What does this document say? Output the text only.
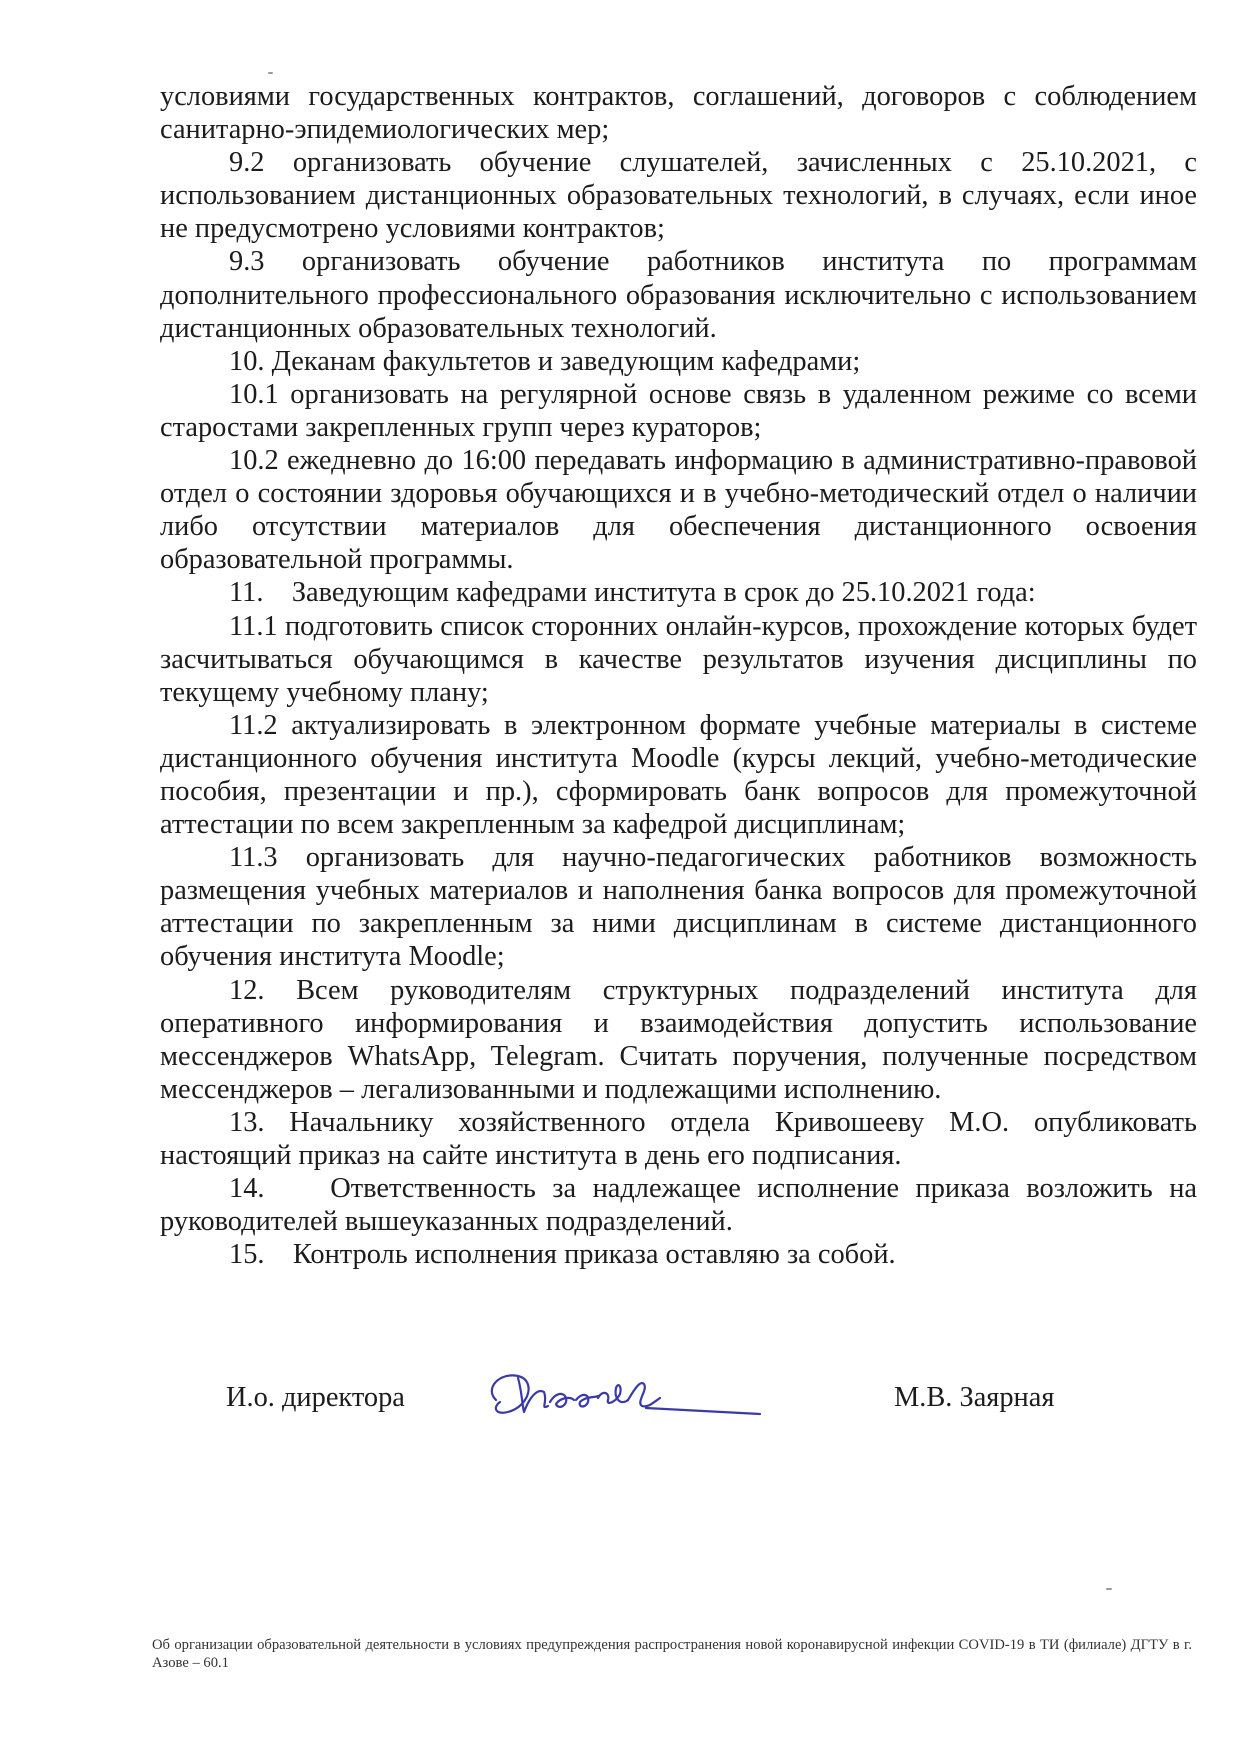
условиями государственных контрактов, соглашений, договоров с соблюдением санитарно-эпидемиологических мер;

9.2 организовать обучение слушателей, зачисленных с 25.10.2021, с использованием дистанционных образовательных технологий, в случаях, если иное не предусмотрено условиями контрактов;

9.3 организовать обучение работников института по программам дополнительного профессионального образования исключительно с использованием дистанционных образовательных технологий.

10. Деканам факультетов и заведующим кафедрами;

10.1 организовать на регулярной основе связь в удаленном режиме со всеми старостами закрепленных групп через кураторов;

10.2 ежедневно до 16:00 передавать информацию в административно-правовой отдел о состоянии здоровья обучающихся и в учебно-методический отдел о наличии либо отсутствии материалов для обеспечения дистанционного освоения образовательной программы.

11.    Заведующим кафедрами института в срок до 25.10.2021 года:

11.1 подготовить список сторонних онлайн-курсов, прохождение которых будет засчитываться обучающимся в качестве результатов изучения дисциплины по текущему учебному плану;

11.2 актуализировать в электронном формате учебные материалы в системе дистанционного обучения института Moodle (курсы лекций, учебно-методические пособия, презентации и пр.), сформировать банк вопросов для промежуточной аттестации по всем закрепленным за кафедрой дисциплинам;

11.3 организовать для научно-педагогических работников возможность размещения учебных материалов и наполнения банка вопросов для промежуточной аттестации по закрепленным за ними дисциплинам в системе дистанционного обучения института Moodle;

12. Всем руководителям структурных подразделений института для оперативного информирования и взаимодействия допустить использование мессенджеров WhatsApp, Telegram. Считать поручения, полученные посредством мессенджеров – легализованными и подлежащими исполнению.

13. Начальнику хозяйственного отдела Кривошееву М.О. опубликовать настоящий приказ на сайте института в день его подписания.

14.    Ответственность за надлежащее исполнение приказа возложить на руководителей вышеуказанных подразделений.

15.    Контроль исполнения приказа оставляю за собой.

И.о. директора	М.В. Заярная
Об организации образовательной деятельности в условиях предупреждения распространения новой коронавирусной инфекции COVID-19 в ТИ (филиале) ДГТУ в г. Азове – 60.1
